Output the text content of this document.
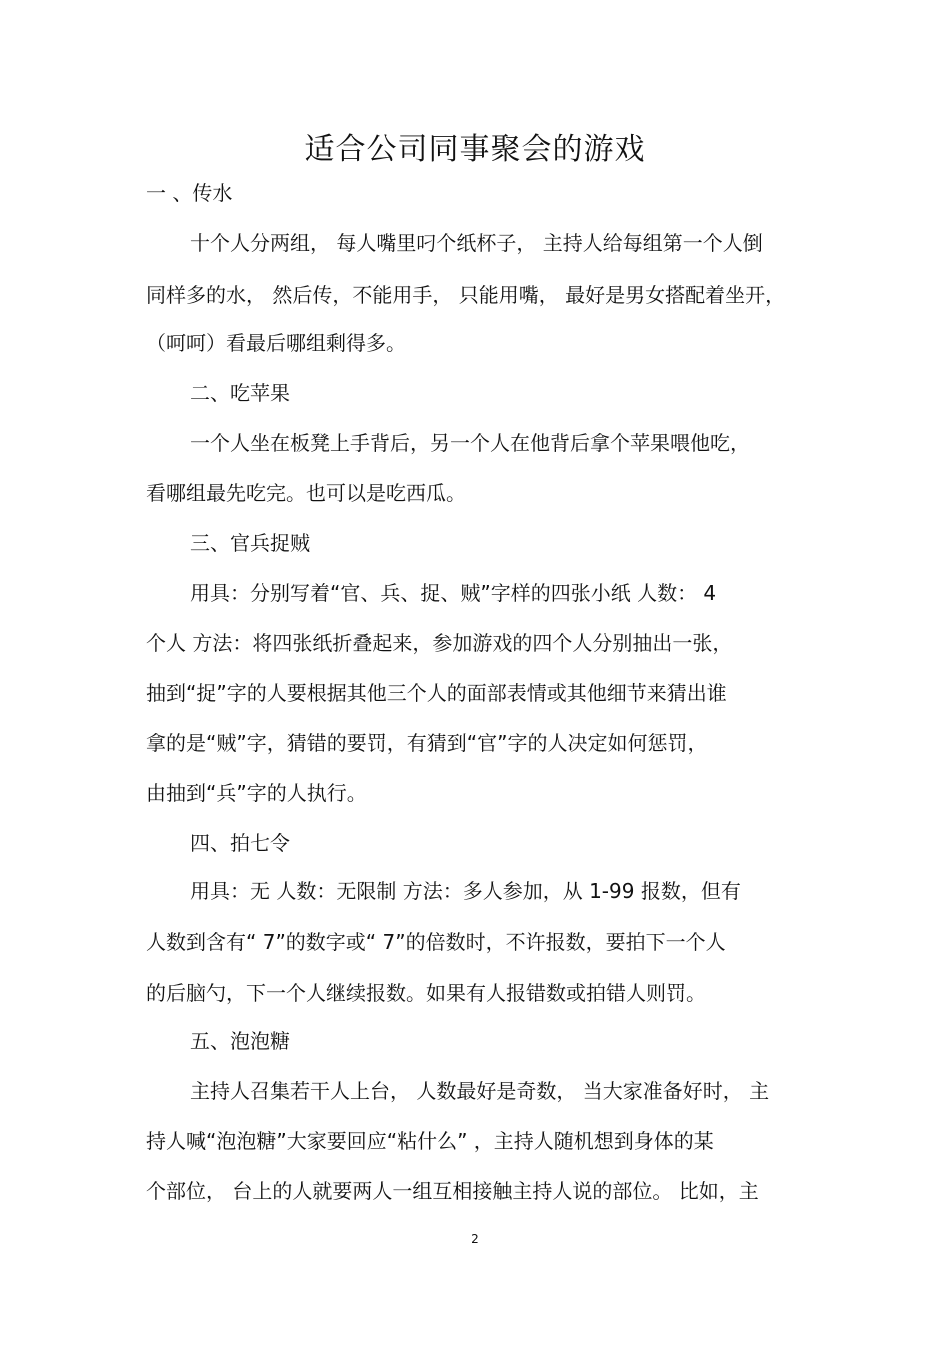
适合公司同事聚会的游戏
一 、传水
十个人分两组， 每人嘴里叼个纸杯子， 主持人给每组第一个人倒
同样多的水， 然后传，不能用手， 只能用嘴， 最好是男女搭配着坐开，
（呵呵）看最后哪组剩得多。
二、吃苹果
一个人坐在板凳上手背后，另一个人在他背后拿个苹果喂他吃，
看哪组最先吃完。也可以是吃西瓜。
三、官兵捉贼
用具：分别写着“官、兵、捉、贼”字样的四张小纸 人数： 4
个人 方法：将四张纸折叠起来，参加游戏的四个人分别抽出一张，
抽到“捉”字的人要根据其他三个人的面部表情或其他细节来猜出谁
拿的是“贼”字，猜错的要罚，有猜到“官”字的人决定如何惩罚，
由抽到“兵”字的人执行。
四、拍七令
用具：无 人数：无限制 方法：多人参加，从 1-99 报数，但有
人数到含有“ 7”的数字或“ 7”的倍数时，不许报数，要拍下一个人
的后脑勺，下一个人继续报数。如果有人报错数或拍错人则罚。
五、泡泡糖
主持人召集若干人上台， 人数最好是奇数， 当大家准备好时， 主
持人喊“泡泡糖”大家要回应“粘什么” ，主持人随机想到身体的某
个部位， 台上的人就要两人一组互相接触主持人说的部位。 比如，主
2
